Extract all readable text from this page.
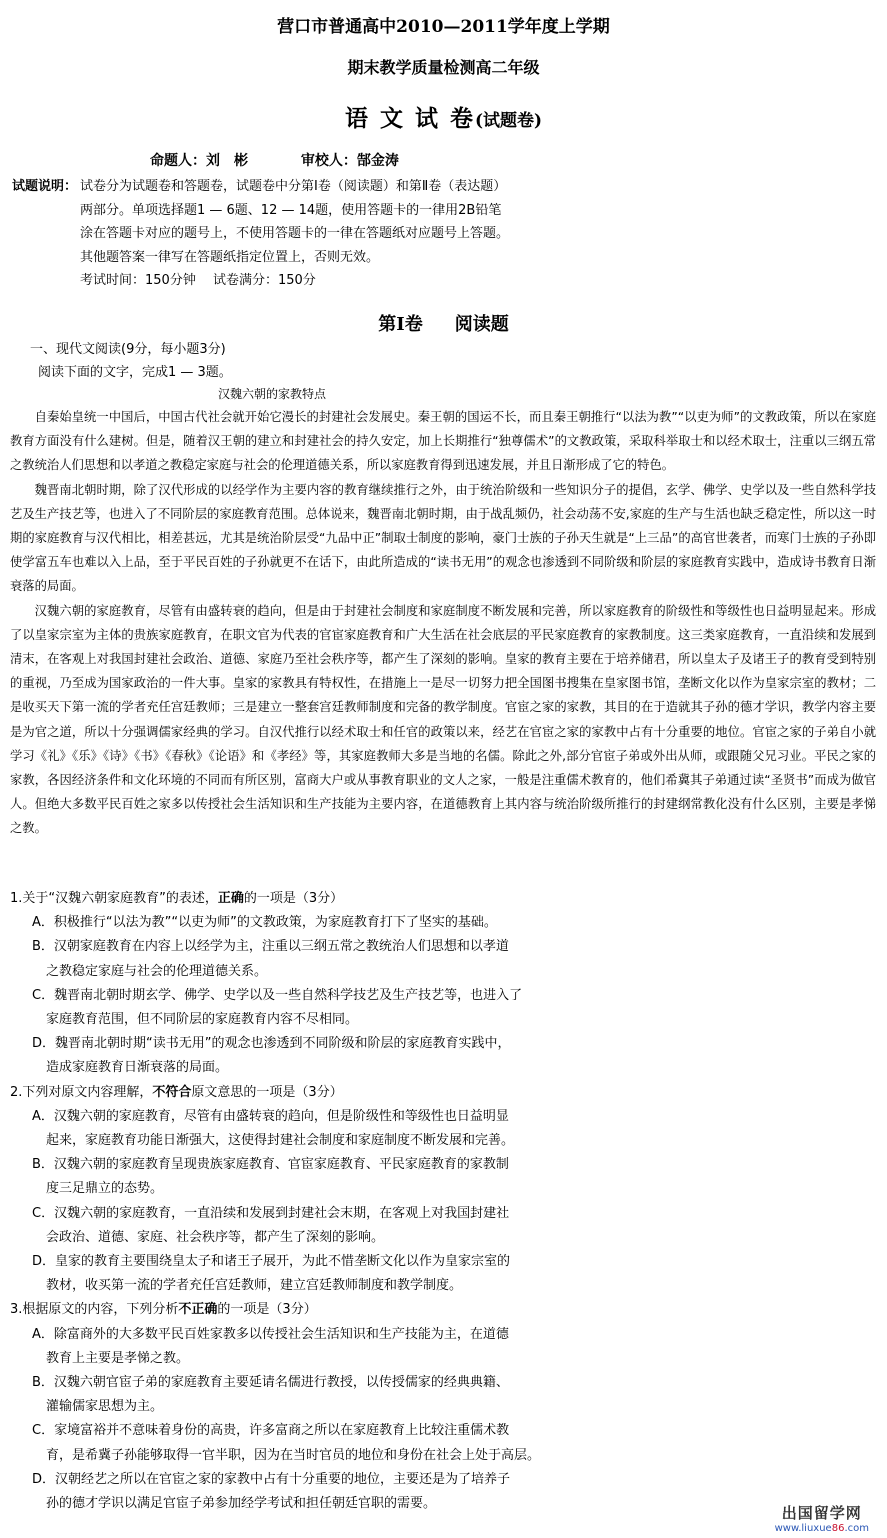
营口市普通高中2010—2011学年度上学期
期末教学质量检测高二年级
语 文 试 卷(试题卷)
命题人：刘　彬	审校人：郜金涛
试题说明： 试卷分为试题卷和答题卷，试题卷中分第Ⅰ卷（阅读题）和第Ⅱ卷（表达题）
两部分。单项选择题1 — 6题、12 — 14题，使用答题卡的一律用2B铅笔
涂在答题卡对应的题号上，不使用答题卡的一律在答题纸对应题号上答题。
其他题答案一律写在答题纸指定位置上，否则无效。
考试时间：150分钟　 试卷满分：150分
第Ⅰ卷 阅读题
一、现代文阅读(9分，每小题3分)
阅读下面的文字，完成1 — 3题。
汉魏六朝的家教特点

自秦始皇统一中国后，中国古代社会就开始它漫长的封建社会发展史。秦王朝的国运不长，而且秦王朝推行“以法为教”“以吏为师”的文教政策，所以在家庭教育方面没有什么建树。但是，随着汉王朝的建立和封建社会的持久安定，加上长期推行“独尊儒术”的文教政策，采取科举取士和以经术取士，注重以三纲五常之教统治人们思想和以孝道之教稳定家庭与社会的伦理道德关系，所以家庭教育得到迅速发展，并且日渐形成了它的特色。

魏晋南北朝时期，除了汉代形成的以经学作为主要内容的教育继续推行之外，由于统治阶级和一些知识分子的提倡，玄学、佛学、史学以及一些自然科学技艺及生产技艺等，也进入了不同阶层的家庭教育范围。总体说来，魏晋南北朝时期，由于战乱频仍，社会动荡不安,家庭的生产与生活也缺乏稳定性，所以这一时期的家庭教育与汉代相比，相差甚远，尤其是统治阶层受“九品中正”制取士制度的影响，豪门士族的子孙天生就是“上三品”的高官世袭者，而寒门士族的子孙即使学富五车也难以入上品，至于平民百姓的子孙就更不在话下，由此所造成的“读书无用”的观念也渗透到不同阶级和阶层的家庭教育实践中，造成诗书教育日渐衰落的局面。

汉魏六朝的家庭教育，尽管有由盛转衰的趋向，但是由于封建社会制度和家庭制度不断发展和完善，所以家庭教育的阶级性和等级性也日益明显起来。形成了以皇家宗室为主体的贵族家庭教育，在职文官为代表的官宦家庭教育和广大生活在社会底层的平民家庭教育的家教制度。这三类家庭教育，一直沿续和发展到清末，在客观上对我国封建社会政治、道德、家庭乃至社会秩序等，都产生了深刻的影响。皇家的教育主要在于培养储君，所以皇太子及诸王子的教育受到特别的重视，乃至成为国家政治的一件大事。皇家的家教具有特权性，在措施上一是尽一切努力把全国图书搜集在皇家图书馆，垄断文化以作为皇家宗室的教材；二是收买天下第一流的学者充任宫廷教师；三是建立一整套宫廷教师制度和完备的教学制度。官宦之家的家教，其目的在于造就其子孙的德才学识，教学内容主要是为官之道，所以十分强调儒家经典的学习。自汉代推行以经术取士和任官的政策以来，经艺在官宦之家的家教中占有十分重要的地位。官宦之家的子弟自小就学习《礼》《乐》《诗》《书》《春秋》《论语》和《孝经》等，其家庭教师大多是当地的名儒。除此之外,部分官宦子弟或外出从师，或跟随父兄习业。平民之家的家教，各因经济条件和文化环境的不同而有所区别，富商大户或从事教育职业的文人之家，一般是注重儒术教育的，他们希冀其子弟通过读“圣贤书”而成为做官人。但绝大多数平民百姓之家多以传授社会生活知识和生产技能为主要内容，在道德教育上其内容与统治阶级所推行的封建纲常教化没有什么区别，主要是孝悌之教。

1.关于“汉魏六朝家庭教育”的表述，正确的一项是（3分）
A．积极推行“以法为教”“以吏为师”的文教政策，为家庭教育打下了坚实的基础。
B．汉朝家庭教育在内容上以经学为主，注重以三纲五常之教统治人们思想和以孝道
之教稳定家庭与社会的伦理道德关系。
C．魏晋南北朝时期玄学、佛学、史学以及一些自然科学技艺及生产技艺等，也进入了
家庭教育范围，但不同阶层的家庭教育内容不尽相同。
D．魏晋南北朝时期“读书无用”的观念也渗透到不同阶级和阶层的家庭教育实践中，
造成家庭教育日渐衰落的局面。
2.下列对原文内容理解，不符合原文意思的一项是（3分）
A．汉魏六朝的家庭教育，尽管有由盛转衰的趋向，但是阶级性和等级性也日益明显
起来，家庭教育功能日渐强大，这使得封建社会制度和家庭制度不断发展和完善。
B．汉魏六朝的家庭教育呈现贵族家庭教育、官宦家庭教育、平民家庭教育的家教制
度三足鼎立的态势。
C．汉魏六朝的家庭教育，一直沿续和发展到封建社会末期，在客观上对我国封建社
会政治、道德、家庭、社会秩序等，都产生了深刻的影响。
D．皇家的教育主要围绕皇太子和诸王子展开，为此不惜垄断文化以作为皇家宗室的
教材，收买第一流的学者充任宫廷教师，建立宫廷教师制度和教学制度。
3.根据原文的内容，下列分析不正确的一项是（3分）
A．除富商外的大多数平民百姓家教多以传授社会生活知识和生产技能为主，在道德
教育上主要是孝悌之教。
B．汉魏六朝官宦子弟的家庭教育主要延请名儒进行教授，以传授儒家的经典典籍、
灌输儒家思想为主。
C．家境富裕并不意味着身份的高贵，许多富商之所以在家庭教育上比较注重儒术教
育，是希冀子孙能够取得一官半职，因为在当时官员的地位和身份在社会上处于高层。
D．汉朝经艺之所以在官宦之家的家教中占有十分重要的地位，主要还是为了培养子
孙的德才学识以满足官宦子弟参加经学考试和担任朝廷官职的需要。
出国留学网
www.liuxue86.com
